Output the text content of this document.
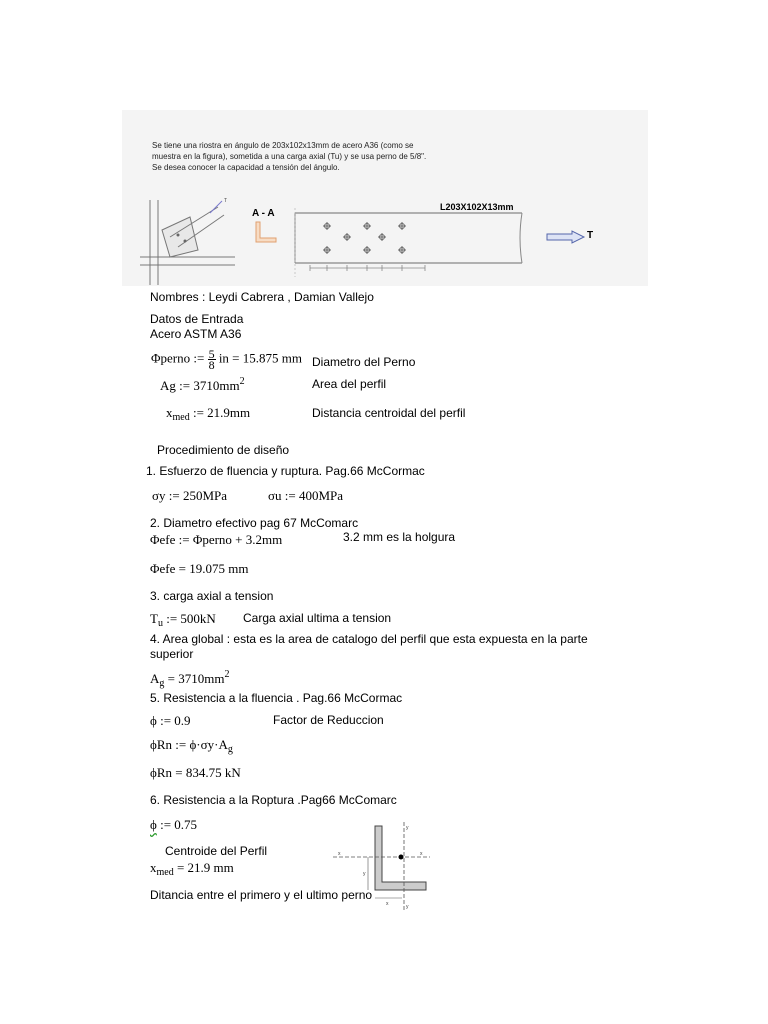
Se tiene una riostra en ángulo de 203x102x13mm de acero A36 (como se
muestra en la figura), sometida a una carga axial (Tu) y se usa perno de 5/8".
Se desea conocer la capacidad a tensión del ángulo.
T
A - A
L203X102X13mm
T
Nombres : Leydi Cabrera , Damian Vallejo
Datos de Entrada
Acero ASTM A36
Φperno := $\frac{5}{8}$ in = 15.875 mm Diametro del Perno
Ag := $3710mm^2$	Area del perfil
$x_{med}$ := 21.9mm	Distancia centroidal del perfil
Procedimiento de diseño
1. Esfuerzo de fluencia y ruptura. Pag.66 McCormac
σy := 250MPa	σu := 400MPa
2. Diametro efectivo pag 67 McComarc
Φefe := Φperno + 3.2mm	3.2 mm es la holgura
Φefe = 19.075 mm
3. carga axial a tension
$T_u$ := 500kN Carga axial ultima a tension
4. Area global : esta es la area de catalogo del perfil que esta expuesta en la parte
superior
$A_g = 3710mm^2$
5. Resistencia a la fluencia . Pag.66 McCormac
ϕ := 0.9	Factor de Reduccion
ϕRn := $\phi\cdot\sigma y\cdot A_g$
ϕRn = 834.75 kN
6. Resistencia a la Roptura .Pag66 McComarc
ϕ := 0.75
Centroide del Perfil
$x_{med} = 21.9$ mm
Ditancia entre el primero y el ultimo perno
x	x
y
y
y
x
